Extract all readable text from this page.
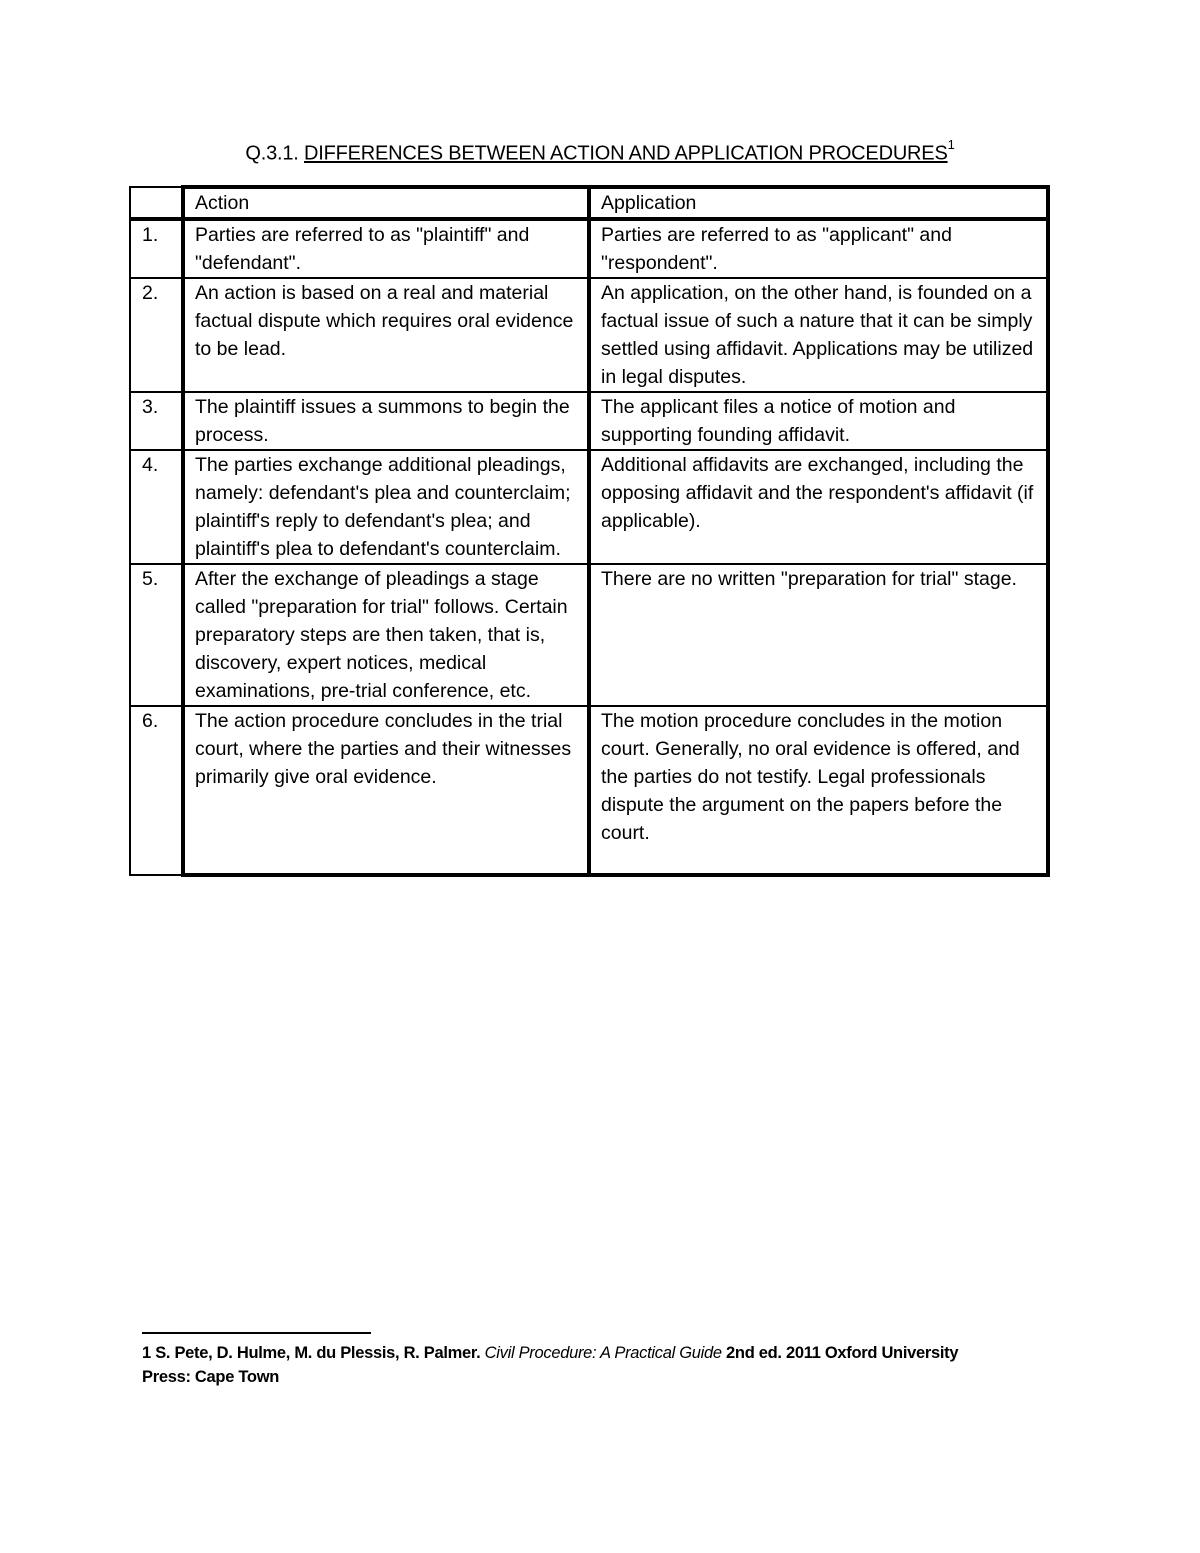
Q.3.1. DIFFERENCES BETWEEN ACTION AND APPLICATION PROCEDURES$^1$
	Action	Application
1.	Parties are referred to as "plaintiff" and "defendant".	Parties are referred to as "applicant" and "respondent".
2.	An action is based on a real and material factual dispute which requires oral evidence to be lead.	An application, on the other hand, is founded on a factual issue of such a nature that it can be simply settled using affidavit. Applications may be utilized in legal disputes.
3.	The plaintiff issues a summons to begin the process.	The applicant files a notice of motion and supporting founding affidavit.
4.	The parties exchange additional pleadings, namely: defendant's plea and counterclaim; plaintiff's reply to defendant's plea; and plaintiff's plea to defendant's counterclaim.	Additional affidavits are exchanged, including the opposing affidavit and the respondent's affidavit (if applicable).
5.	After the exchange of pleadings a stage called "preparation for trial" follows. Certain preparatory steps are then taken, that is, discovery, expert notices, medical examinations, pre-trial conference, etc.	There are no written "preparation for trial" stage.
6.	The action procedure concludes in the trial court, where the parties and their witnesses primarily give oral evidence.	The motion procedure concludes in the motion court. Generally, no oral evidence is offered, and the parties do not testify. Legal professionals dispute the argument on the papers before the court.
1 S. Pete, D. Hulme, M. du Plessis, R. Palmer. Civil Procedure: A Practical Guide 2nd ed. 2011 Oxford University
Press: Cape Town
